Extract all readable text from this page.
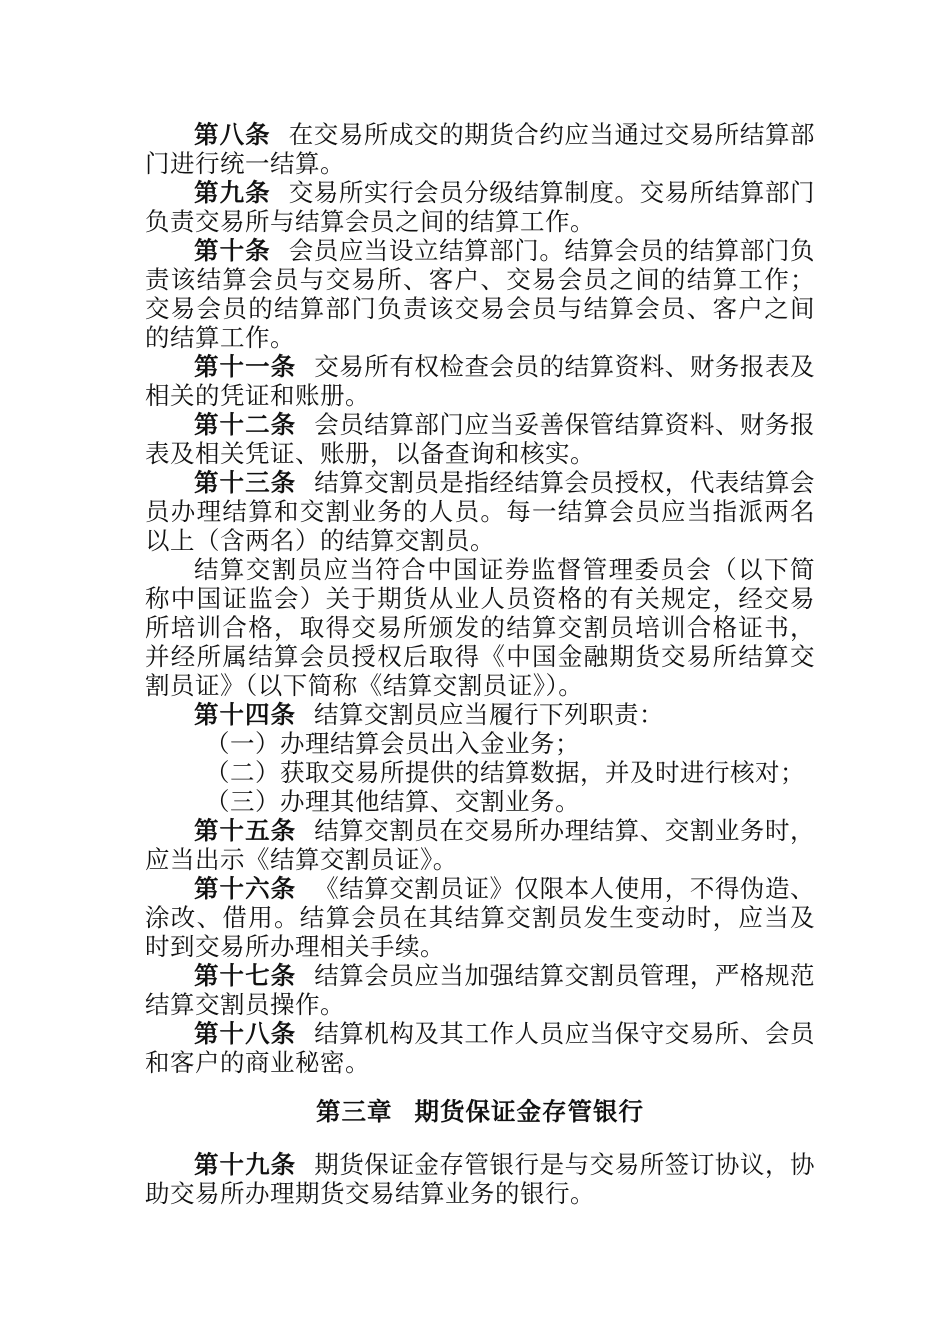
第八条 在交易所成交的期货合约应当通过交易所结算部门进行统一结算。

第九条 交易所实行会员分级结算制度。交易所结算部门负责交易所与结算会员之间的结算工作。

第十条 会员应当设立结算部门。结算会员的结算部门负责该结算会员与交易所、客户、交易会员之间的结算工作；交易会员的结算部门负责该交易会员与结算会员、客户之间的结算工作。

第十一条 交易所有权检查会员的结算资料、财务报表及相关的凭证和账册。

第十二条 会员结算部门应当妥善保管结算资料、财务报表及相关凭证、账册，以备查询和核实。

第十三条 结算交割员是指经结算会员授权，代表结算会员办理结算和交割业务的人员。每一结算会员应当指派两名以上（含两名）的结算交割员。

结算交割员应当符合中国证券监督管理委员会（以下简称中国证监会）关于期货从业人员资格的有关规定，经交易所培训合格，取得交易所颁发的结算交割员培训合格证书，并经所属结算会员授权后取得《中国金融期货交易所结算交割员证》（以下简称《结算交割员证》）。

第十四条 结算交割员应当履行下列职责：

（一）办理结算会员出入金业务；

（二）获取交易所提供的结算数据，并及时进行核对；

（三）办理其他结算、交割业务。

第十五条 结算交割员在交易所办理结算、交割业务时，应当出示《结算交割员证》。

第十六条 《结算交割员证》仅限本人使用，不得伪造、涂改、借用。结算会员在其结算交割员发生变动时，应当及时到交易所办理相关手续。

第十七条 结算会员应当加强结算交割员管理，严格规范结算交割员操作。

第十八条 结算机构及其工作人员应当保守交易所、会员和客户的商业秘密。

第三章 期货保证金存管银行

第十九条 期货保证金存管银行是与交易所签订协议，协助交易所办理期货交易结算业务的银行。
